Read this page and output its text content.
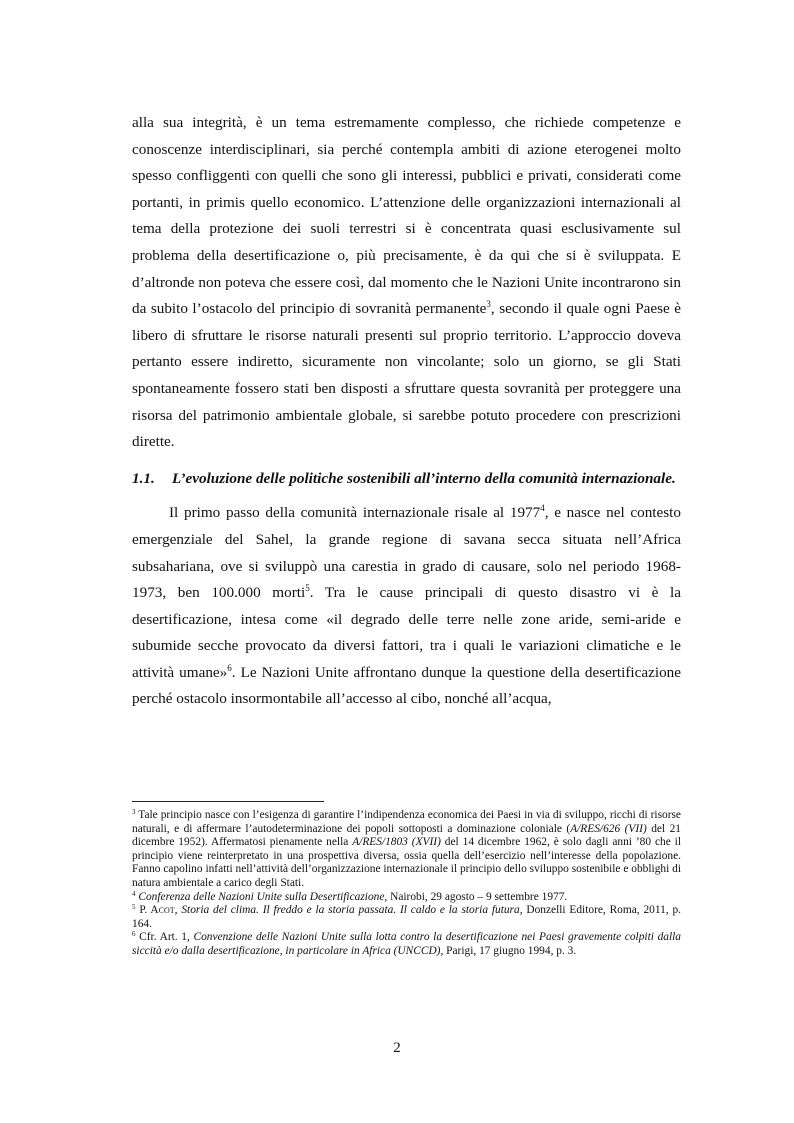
alla sua integrità, è un tema estremamente complesso, che richiede competenze e conoscenze interdisciplinari, sia perché contempla ambiti di azione eterogenei molto spesso confliggenti con quelli che sono gli interessi, pubblici e privati, considerati come portanti, in primis quello economico. L’attenzione delle organizzazioni internazionali al tema della protezione dei suoli terrestri si è concentrata quasi esclusivamente sul problema della desertificazione o, più precisamente, è da qui che si è sviluppata. E d’altronde non poteva che essere così, dal momento che le Nazioni Unite incontrarono sin da subito l’ostacolo del principio di sovranità permanente$^3$, secondo il quale ogni Paese è libero di sfruttare le risorse naturali presenti sul proprio territorio. L’approccio doveva pertanto essere indiretto, sicuramente non vincolante; solo un giorno, se gli Stati spontaneamente fossero stati ben disposti a sfruttare questa sovranità per proteggere una risorsa del patrimonio ambientale globale, si sarebbe potuto procedere con prescrizioni dirette.

1.1.	L’evoluzione delle politiche sostenibili all’interno della comunità internazionale.

Il primo passo della comunità internazionale risale al 1977$^4$, e nasce nel contesto emergenziale del Sahel, la grande regione di savana secca situata nell’Africa subsahariana, ove si sviluppò una carestia in grado di causare, solo nel periodo 1968-1973, ben 100.000 morti$^5$. Tra le cause principali di questo disastro vi è la desertificazione, intesa come «il degrado delle terre nelle zone aride, semi-aride e subumide secche provocato da diversi fattori, tra i quali le variazioni climatiche e le attività umane»$^6$. Le Nazioni Unite affrontano dunque la questione della desertificazione perché ostacolo insormontabile all’accesso al cibo, nonché all’acqua,

$^3$ Tale principio nasce con l’esigenza di garantire l’indipendenza economica dei Paesi in via di sviluppo, ricchi di risorse naturali, e di affermare l’autodeterminazione dei popoli sottoposti a dominazione coloniale (A/RES/626 (VII) del 21 dicembre 1952). Affermatosi pienamente nella A/RES/1803 (XVII) del 14 dicembre 1962, è solo dagli anni ’80 che il principio viene reinterpretato in una prospettiva diversa, ossia quella dell’esercizio nell’interesse della popolazione. Fanno capolino infatti nell’attività dell’organizzazione internazionale il principio dello sviluppo sostenibile e obblighi di natura ambientale a carico degli Stati.

$^4$ Conferenza delle Nazioni Unite sulla Desertificazione, Nairobi, 29 agosto – 9 settembre 1977.

$^5$ P. Acot, Storia del clima. Il freddo e la storia passata. Il caldo e la storia futura, Donzelli Editore, Roma, 2011, p. 164.

$^6$ Cfr. Art. 1, Convenzione delle Nazioni Unite sulla lotta contro la desertificazione nei Paesi gravemente colpiti dalla siccità e/o dalla desertificazione, in particolare in Africa (UNCCD), Parigi, 17 giugno 1994, p. 3.

2
